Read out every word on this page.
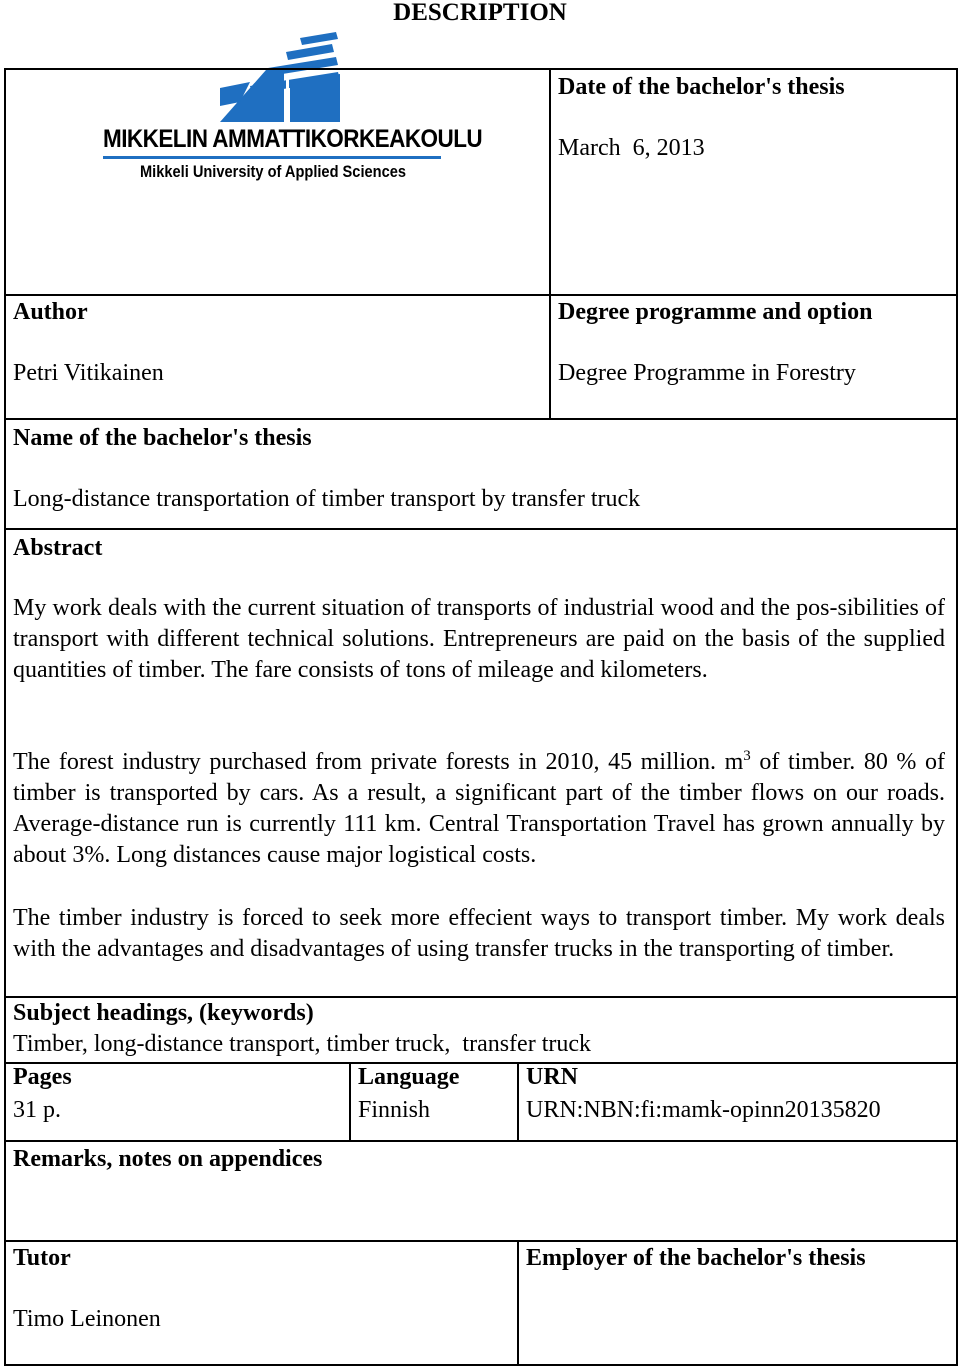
DESCRIPTION
MIKKELIN AMMATTIKORKEAKOULU
Mikkeli University of Applied Sciences
Date of the bachelor's thesis
March  6, 2013
Author
Petri Vitikainen
Degree programme and option
Degree Programme in Forestry
Name of the bachelor's thesis
Long-distance transportation of timber transport by transfer truck
Abstract

My work deals with the current situation of transports of industrial wood and the pos-sibilities of transport with different technical solutions. Entrepreneurs are paid on the basis of the supplied quantities of timber. The fare consists of tons of mileage and kilometers.

The forest industry purchased from private forests in 2010, 45 million. $m^3$ of timber. 80 % of timber is transported by cars. As a result, a significant part of the timber flows on our roads. Average-distance run is currently 111 km. Central Transportation Travel has grown annually by about 3%. Long distances cause major logistical costs.

The timber industry is forced to seek more effecient ways to transport timber. My work deals with the advantages and disadvantages of using transfer trucks in the transporting of timber.

Subject headings, (keywords)
Timber, long-distance transport, timber truck,  transfer truck
Pages
31 p.
Language
Finnish
URN
URN:NBN:fi:mamk-opinn20135820
Remarks, notes on appendices
Tutor
Timo Leinonen
Employer of the bachelor's thesis
